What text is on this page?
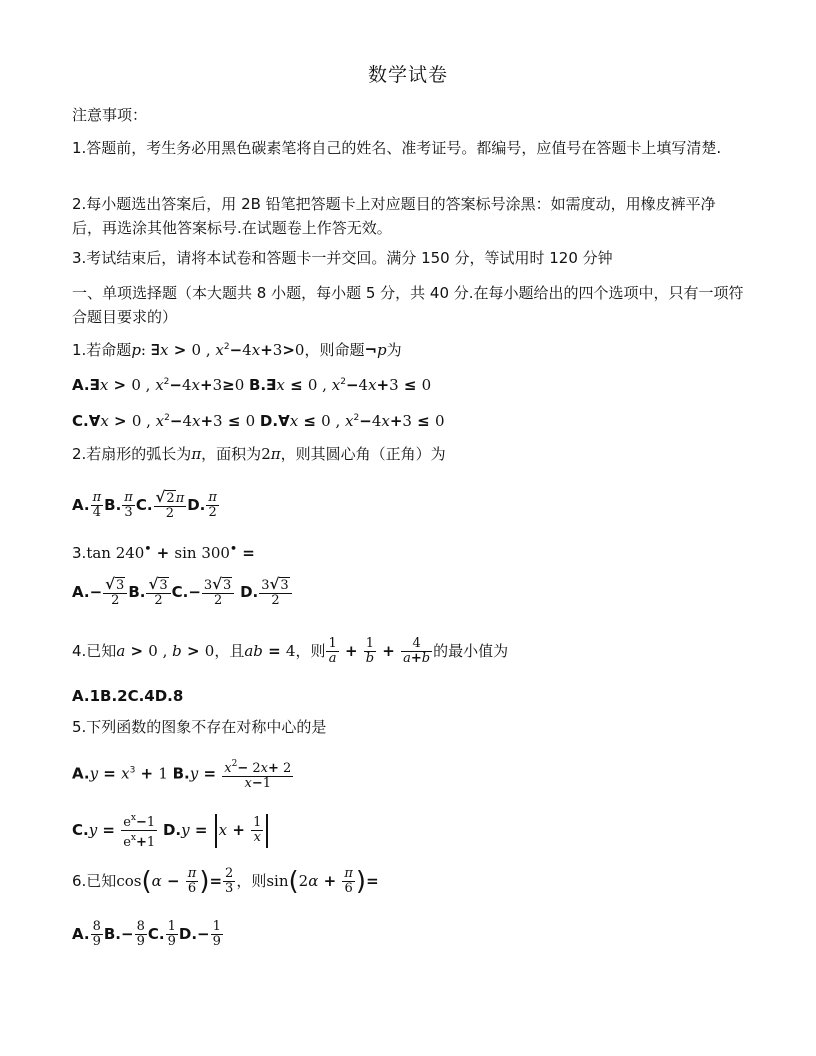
数学试卷
注意事项：
1.答题前，考生务必用黑色碳素笔将自己的姓名、准考证号。都编号，应值号在答题卡上填写清楚.
2.每小题选出答案后，用 2B 铅笔把答题卡上对应题目的答案标号涂黑：如需度动，用橡皮裤平净后，再选涂其他答案标号.在试题卷上作答无效。
3.考试结束后，请将本试卷和答题卡一并交回。满分 150 分，等试用时 120 分钟
一、单项选择题（本大题共 8 小题，每小题 5 分，共 40 分.在每小题给出的四个选项中，只有一项符合题目要求的）
1.若命题p: ∃x > 0 , $x^2-4x+3>0$，则命题¬p为
A.∃x > 0 , $x^2-4x+3\ge 0$ B.∃x ≤ 0 , $x^2-4x+3 \le 0$
C.∀x > 0 , $x^2-4x+3 \le 0$ D.∀x ≤ 0 , $x^2-4x+3 \le 0$
2.若扇形的弧长为π，面积为2π，则其圆心角（正角）为
A. $\frac{\pi}{4} B$. $\frac{\pi}{3} C$. $\frac{√2\pi}{2} D$. $\frac{\pi}{2}$
3.tan 240• + sin 300• =
$A.- \frac{√3}{2} B$. $\frac{√3}{2} C.- \frac{3√3}{2} D$. $\frac{3√3}{2}$
4.已知a > 0 , b > 0，且ab = 4，则 $\frac{1}{a} + \frac{1}{b} + \frac{4}{a+b}$ 的最小值为
A.1B.2C.4D.8
5.下列函数的图象不存在对称中心的是
$A.y = x^3 + 1$ $B.y = \frac{x^2- 2x+ 2}{x-1}$
$C.y = \frac{e^x-1}{e^x+1} D.y = x + \frac{1}{x}$
6.已知$\cos(\alpha - \frac{\pi}{6}$ )= $\frac{2}{3}$ ，则$\sin(2\alpha + \frac{\pi}{6}$ )=
A. $\frac{8}{9} B.- \frac{8}{9} C$. $\frac{1}{9} D.- \frac{1}{9}$
